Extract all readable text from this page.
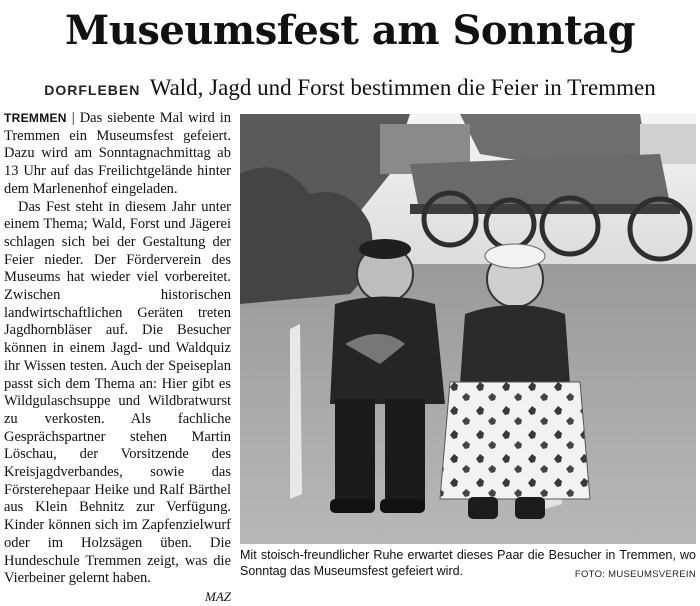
Museumsfest am Sonntag
DORFLEBEN Wald, Jagd und Forst bestimmen die Feier in Tremmen

TREMMEN | Das siebente Mal wird in Tremmen ein Museumsfest gefeiert. Dazu wird am Sonntagnachmittag ab 13 Uhr auf das Freilichtgelände hinter dem Marlenenhof eingeladen.

Das Fest steht in diesem Jahr unter einem Thema; Wald, Forst und Jägerei schlagen sich bei der Gestaltung der Feier nieder. Der Förderverein des Museums hat wieder viel vorbereitet. Zwischen historischen landwirtschaftlichen Geräten treten Jagdhornbläser auf. Die Besucher können in einem Jagd- und Waldquiz ihr Wissen testen. Auch der Speiseplan passt sich dem Thema an: Hier gibt es Wildgulaschsuppe und Wildbratwurst zu verkosten. Als fachliche Gesprächspartner stehen Martin Löschau, der Vorsitzende des Kreisjagdverbandes, sowie das Försterehepaar Heike und Ralf Bärthel aus Klein Behnitz zur Verfügung. Kinder können sich im Zapfenzielwurf oder im Holzsägen üben. Die Hundeschule Tremmen zeigt, was die Vierbeiner gelernt haben.

MAZ
Mit stoisch-freundlicher Ruhe erwartet dieses Paar die Besucher in Tremmen, wo Sonntag das Museumsfest gefeiert wird.	FOTO: MUSEUMSVEREIN
